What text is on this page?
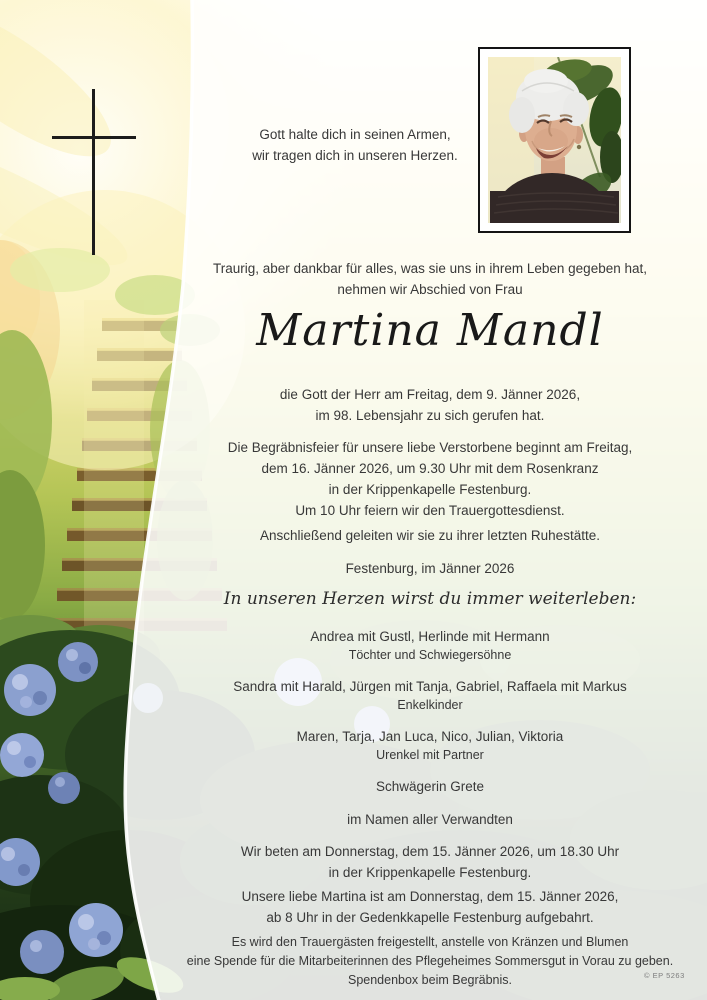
Gott halte dich in seinen Armen,
wir tragen dich in unseren Herzen.
Traurig, aber dankbar für alles, was sie uns in ihrem Leben gegeben hat,
nehmen wir Abschied von Frau
Martina Mandl
die Gott der Herr am Freitag, dem 9. Jänner 2026,
im 98. Lebensjahr zu sich gerufen hat.
Die Begräbnisfeier für unsere liebe Verstorbene beginnt am Freitag,
dem 16. Jänner 2026, um 9.30 Uhr mit dem Rosenkranz
in der Krippenkapelle Festenburg.
Um 10 Uhr feiern wir den Trauergottesdienst.
Anschließend geleiten wir sie zu ihrer letzten Ruhestätte.
Festenburg, im Jänner 2026
In unseren Herzen wirst du immer weiterleben:
Andrea mit Gustl, Herlinde mit Hermann
Töchter und Schwiegersöhne
Sandra mit Harald, Jürgen mit Tanja, Gabriel, Raffaela mit Markus
Enkelkinder
Maren, Tarja, Jan Luca, Nico, Julian, Viktoria
Urenkel mit Partner
Schwägerin Grete
im Namen aller Verwandten
Wir beten am Donnerstag, dem 15. Jänner 2026, um 18.30 Uhr
in der Krippenkapelle Festenburg.
Unsere liebe Martina ist am Donnerstag, dem 15. Jänner 2026,
ab 8 Uhr in der Gedenkkapelle Festenburg aufgebahrt.
Es wird den Trauergästen freigestellt, anstelle von Kränzen und Blumen
eine Spende für die Mitarbeiterinnen des Pflegeheimes Sommersgut in Vorau zu geben.
Spendenbox beim Begräbnis.	© EP 5263
